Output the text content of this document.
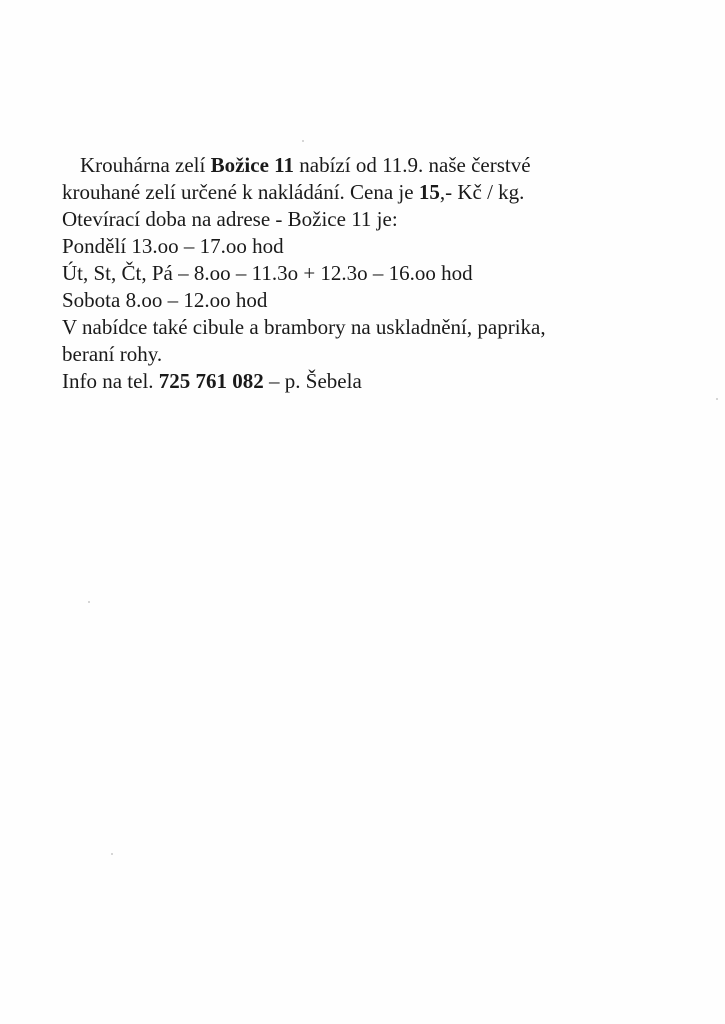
Krouhárna zelí Božice 11 nabízí od 11.9. naše čerstvé
krouhané zelí určené k nakládání. Cena je 15,- Kč / kg.
Otevírací doba na adrese - Božice 11 je:
Pondělí 13.oo – 17.oo hod
Út, St, Čt, Pá – 8.oo – 11.3o + 12.3o – 16.oo hod
Sobota 8.oo – 12.oo hod
V nabídce také cibule a brambory na uskladnění, paprika,
beraní rohy.
Info na tel. 725 761 082 – p. Šebela
